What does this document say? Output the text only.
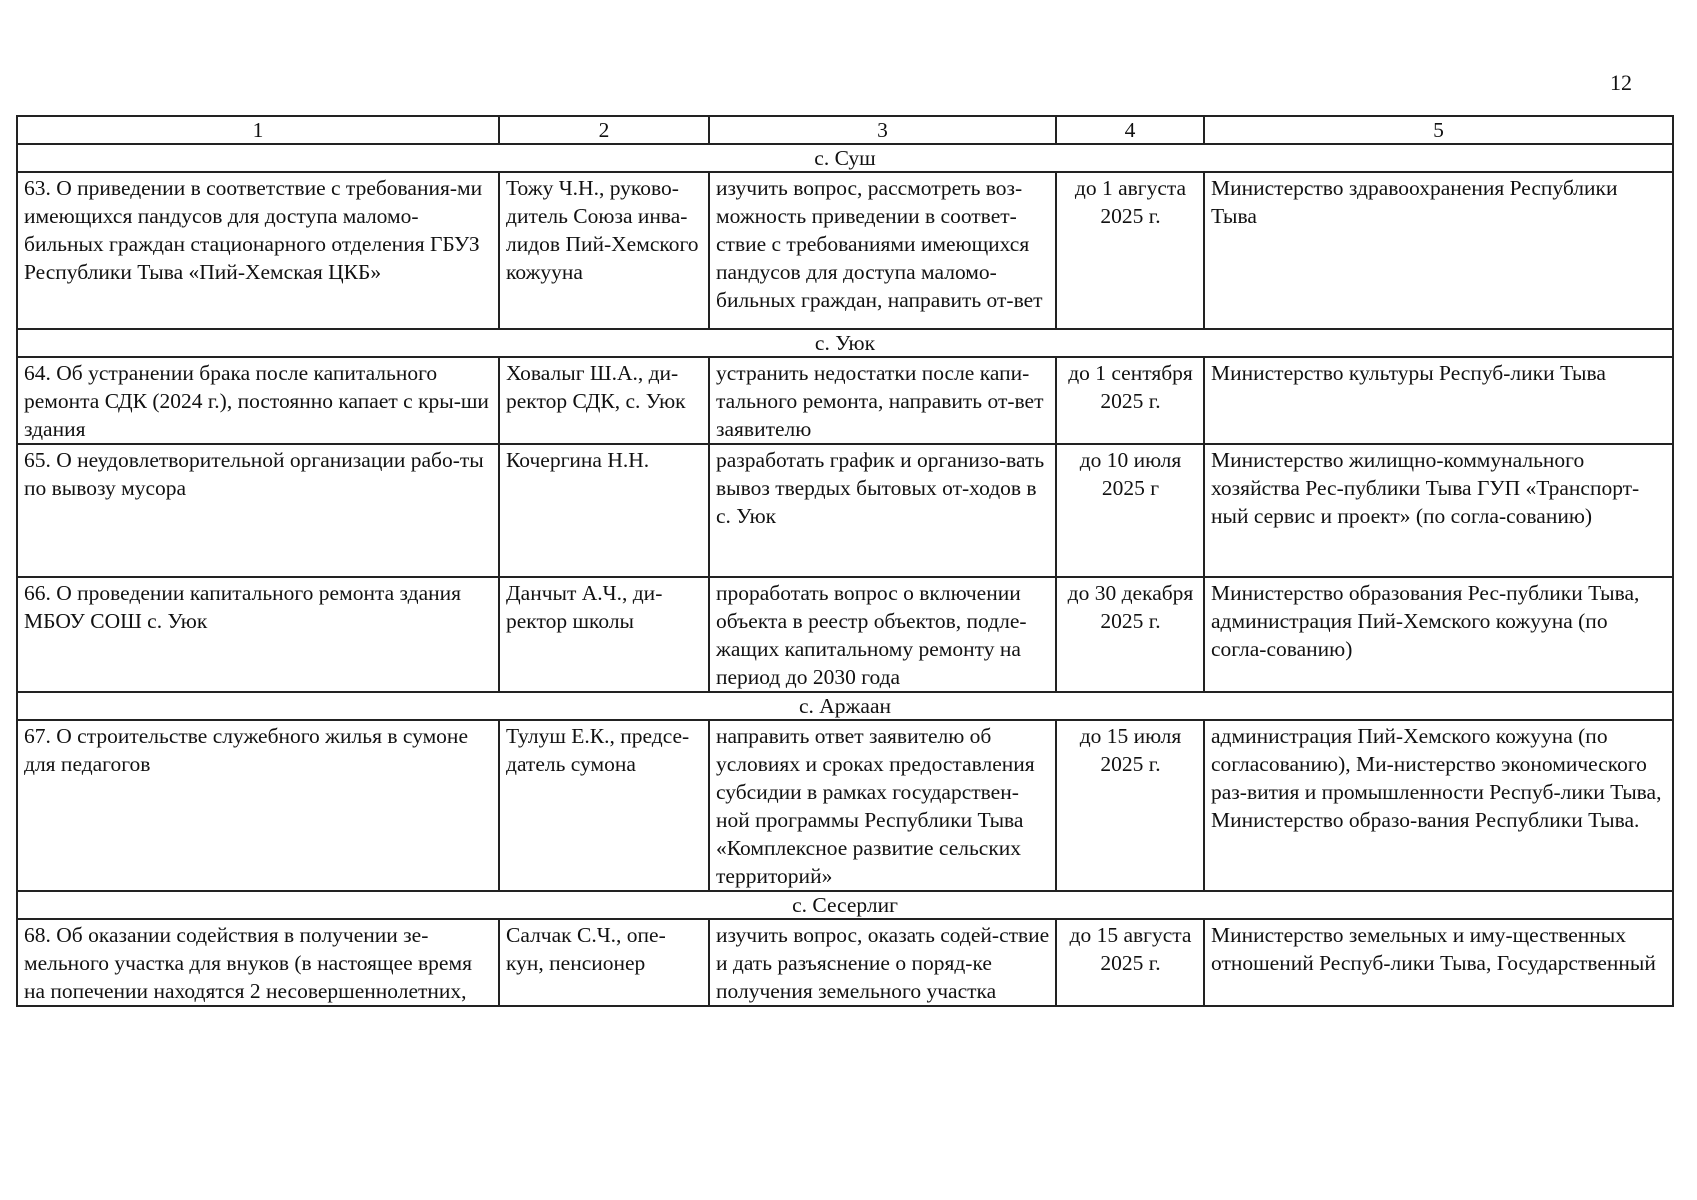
12
1	2	3	4	5
с. Суш				
63. О приведении в соответствие с требования-ми имеющихся пандусов для доступа маломо-бильных граждан стационарного отделения ГБУЗ Республики Тыва «Пий-Хемская ЦКБ»	Тожу Ч.Н., руково-дитель Союза инва-лидов Пий-Хемского кожууна	изучить вопрос, рассмотреть воз-можность приведении в соответ-ствие с требованиями имеющихся пандусов для доступа маломо-бильных граждан, направить от-вет	до 1 августа 2025 г.	Министерство здравоохранения Республики Тыва
с. Уюк				
64. Об устранении брака после капитального ремонта СДК (2024 г.), постоянно капает с кры-ши здания	Ховалыг Ш.А., ди-ректор СДК, с. Уюк	устранить недостатки после капи-тального ремонта, направить от-вет заявителю	до 1 сентября 2025 г.	Министерство культуры Респуб-лики Тыва
65. О неудовлетворительной организации рабо-ты по вывозу мусора	Кочергина Н.Н.	разработать график и организо-вать вывоз твердых бытовых от-ходов в с. Уюк	до 10 июля 2025 г	Министерство жилищно-коммунального хозяйства Рес-публики Тыва ГУП «Транспорт-ный сервис и проект» (по согла-сованию)
66. О проведении капитального ремонта здания МБОУ СОШ с. Уюк	Данчыт А.Ч., ди-ректор школы	проработать вопрос о включении объекта в реестр объектов, подле-жащих капитальному ремонту на период до 2030 года	до 30 декабря 2025 г.	Министерство образования Рес-публики Тыва, администрация Пий-Хемского кожууна (по согла-сованию)
с. Аржаан				
67. О строительстве служебного жилья в сумоне для педагогов	Тулуш Е.К., предсе-датель сумона	направить ответ заявителю об условиях и сроках предоставления субсидии в рамках государствен-ной программы Республики Тыва «Комплексное развитие сельских территорий»	до 15 июля 2025 г.	администрация Пий-Хемского кожууна (по согласованию), Ми-нистерство экономического раз-вития и промышленности Респуб-лики Тыва, Министерство образо-вания Республики Тыва.
с. Сесерлиг				
68. Об оказании содействия в получении зе-мельного участка для внуков (в настоящее время на попечении находятся 2 несовершеннолетних,	Салчак С.Ч., опе-кун, пенсионер	изучить вопрос, оказать содей-ствие и дать разъяснение о поряд-ке получения земельного участка	до 15 августа 2025 г.	Министерство земельных и иму-щественных отношений Респуб-лики Тыва, Государственный
